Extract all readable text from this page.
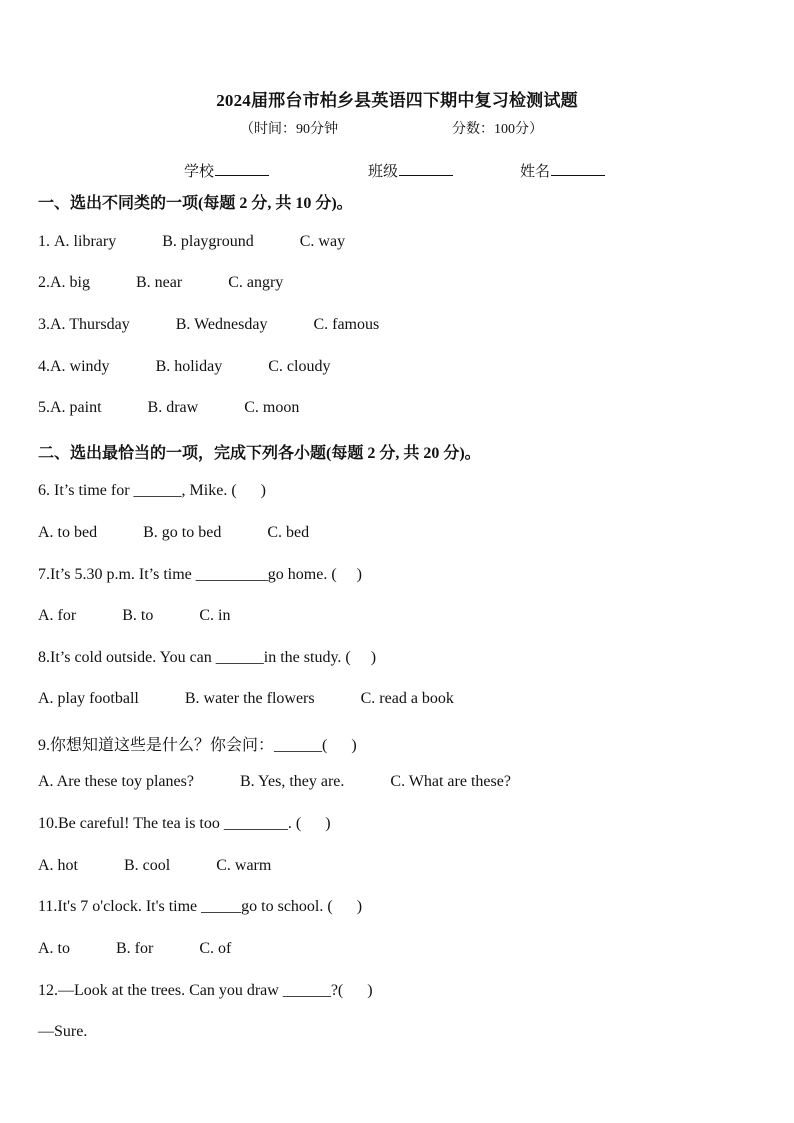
2024届邢台市柏乡县英语四下期中复习检测试题
（时间：90分钟	分数：100分）
学校	班级	姓名
一、选出不同类的一项(每题 2 分, 共 10 分)。
1. A. library	B. playground	C. way
2.A. big	B. near	C. angry
3.A. Thursday	B. Wednesday	C. famous
4.A. windy	B. holiday	C. cloudy
5.A. paint	B. draw	C. moon
二、选出最恰当的一项，完成下列各小题(每题 2 分, 共 20 分)。
6. It’s time for ______, Mike. (      )
A. to bed	B. go to bed	C. bed
7.It’s 5.30 p.m. It’s time _________go home. (     )
A. for	B. to	C. in
8.It’s cold outside. You can ______in the study. (     )
A. play football	B. water the flowers	C. read a book
9.你想知道这些是什么？你会问：______(      )
A. Are these toy planes?	B. Yes, they are.	C. What are these?
10.Be careful! The tea is too ________. (      )
A. hot	B. cool	C. warm
11.It's 7 o'clock. It's time _____go to school. (      )
A. to	B. for	C. of
12.—Look at the trees. Can you draw ______?(      )
—Sure.
